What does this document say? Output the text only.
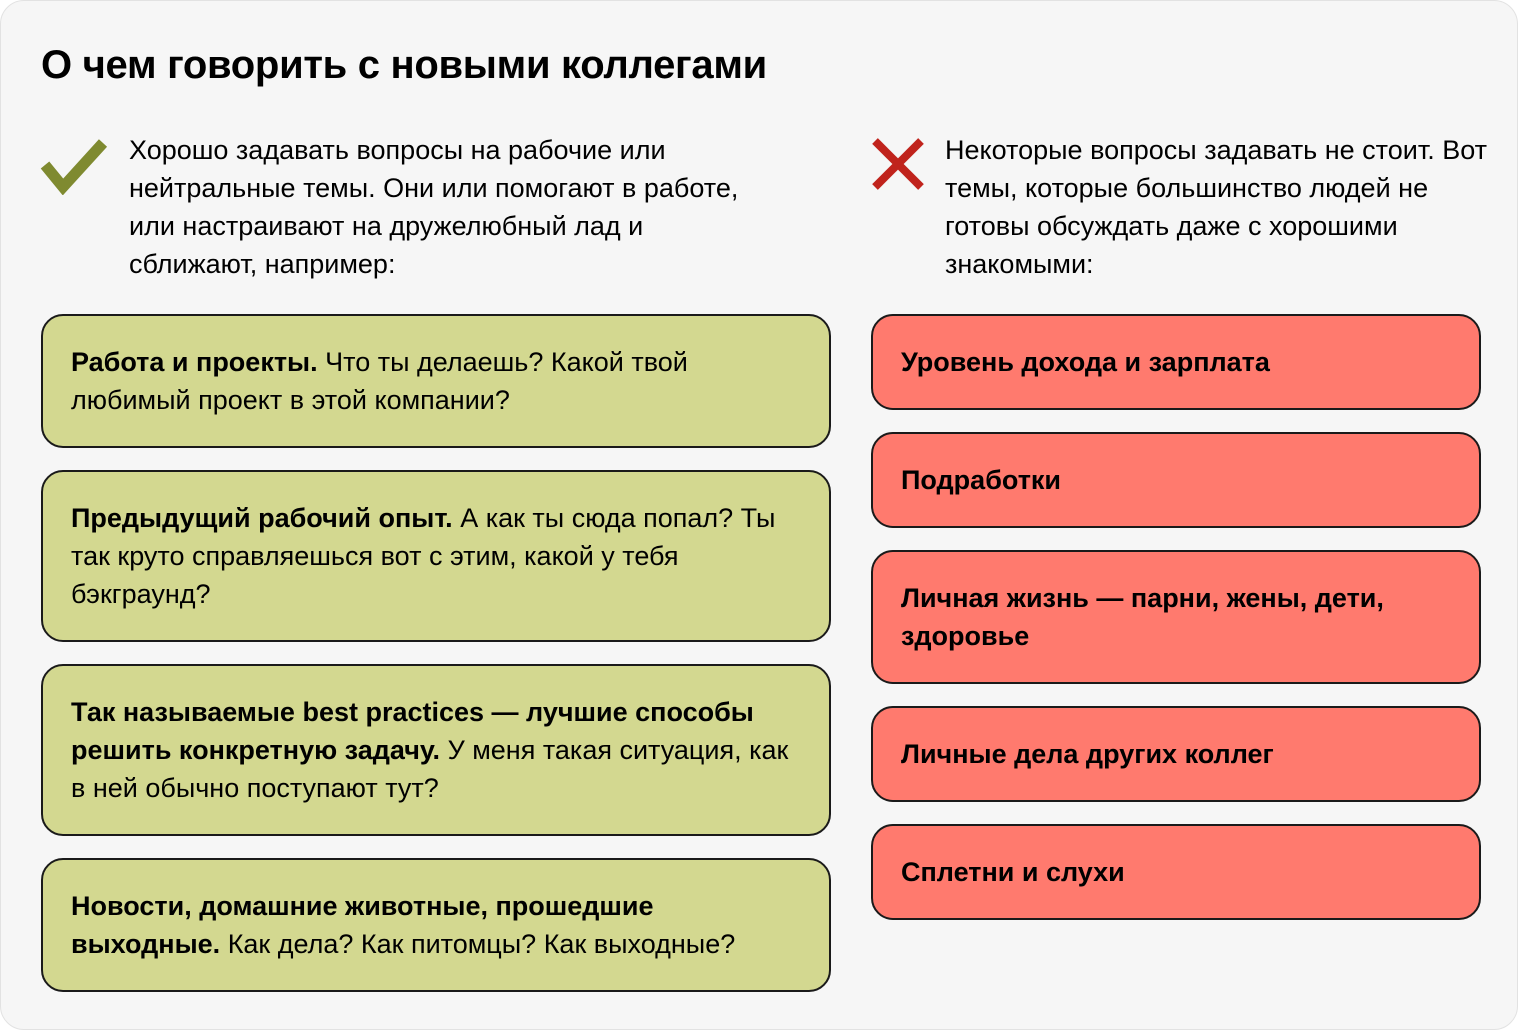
О чем говорить с новыми коллегами

Хорошо задавать вопросы на рабочие или нейтральные темы. Они или помогают в работе, или настраивают на дружелюбный лад и сближают, например:

Работа и проекты. Что ты делаешь? Какой твой любимый проект в этой компании?
Предыдущий рабочий опыт. А как ты сюда попал? Ты так круто справляешься вот с этим, какой у тебя бэкграунд?
Так называемые best practices — лучшие способы решить конкретную задачу. У меня такая ситуация, как в ней обычно поступают тут?
Новости, домашние животные, прошедшие выходные. Как дела? Как питомцы? Как выходные?

Некоторые вопросы задавать не стоит. Вот темы, которые большинство людей не готовы обсуждать даже с хорошими знакомыми:

Уровень дохода и зарплата
Подработки
Личная жизнь — парни, жены, дети, здоровье
Личные дела других коллег
Сплетни и слухи
